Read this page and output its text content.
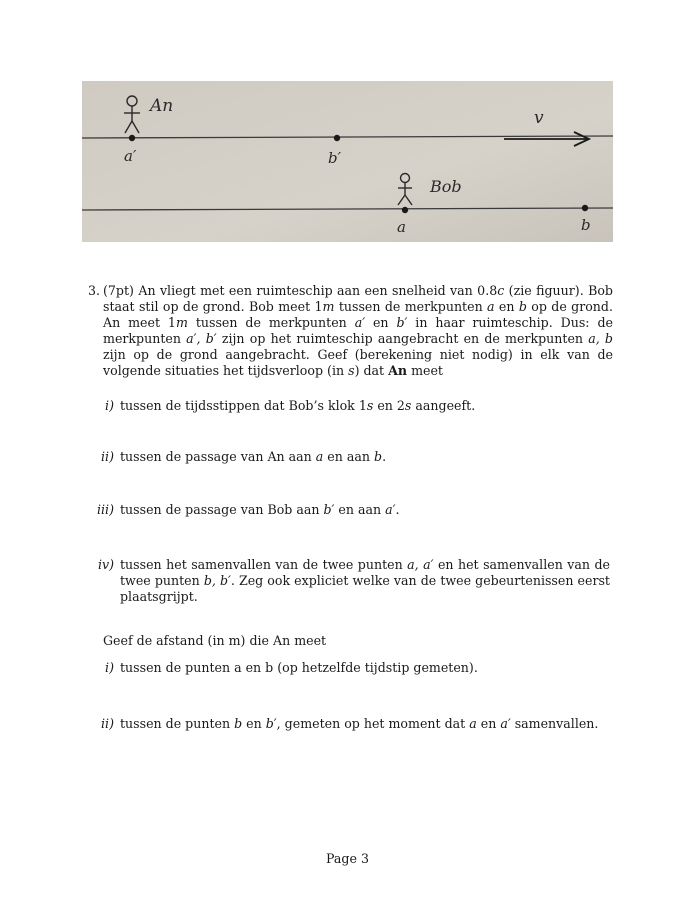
An
a′	b′
v
Bob
a	b
3. (7pt) An vliegt met een ruimteschip aan een snelheid van 0.8c (zie figuur). Bob staat stil op de grond. Bob meet 1m tussen de merkpunten a en b op de grond. An meet 1m tussen de merkpunten a′ en b′ in haar ruimteschip. Dus: de merkpunten a′, b′ zijn op het ruimteschip aangebracht en de merkpunten a, b zijn op de grond aangebracht. Geef (berekening niet nodig) in elk van de volgende situaties het tijdsverloop (in s) dat An meet
i) tussen de tijdsstippen dat Bob’s klok 1s en 2s aangeeft.
ii) tussen de passage van An aan a en aan b.
iii) tussen de passage van Bob aan b′ en aan a′.
iv) tussen het samenvallen van de twee punten a, a′ en het samenvallen van de twee punten b, b′. Zeg ook expliciet welke van de twee gebeurtenissen eerst plaatsgrijpt.
Geef de afstand (in m) die An meet
i) tussen de punten a en b (op hetzelfde tijdstip gemeten).
ii) tussen de punten b en b′, gemeten op het moment dat a en a′ samenvallen.
Page 3
